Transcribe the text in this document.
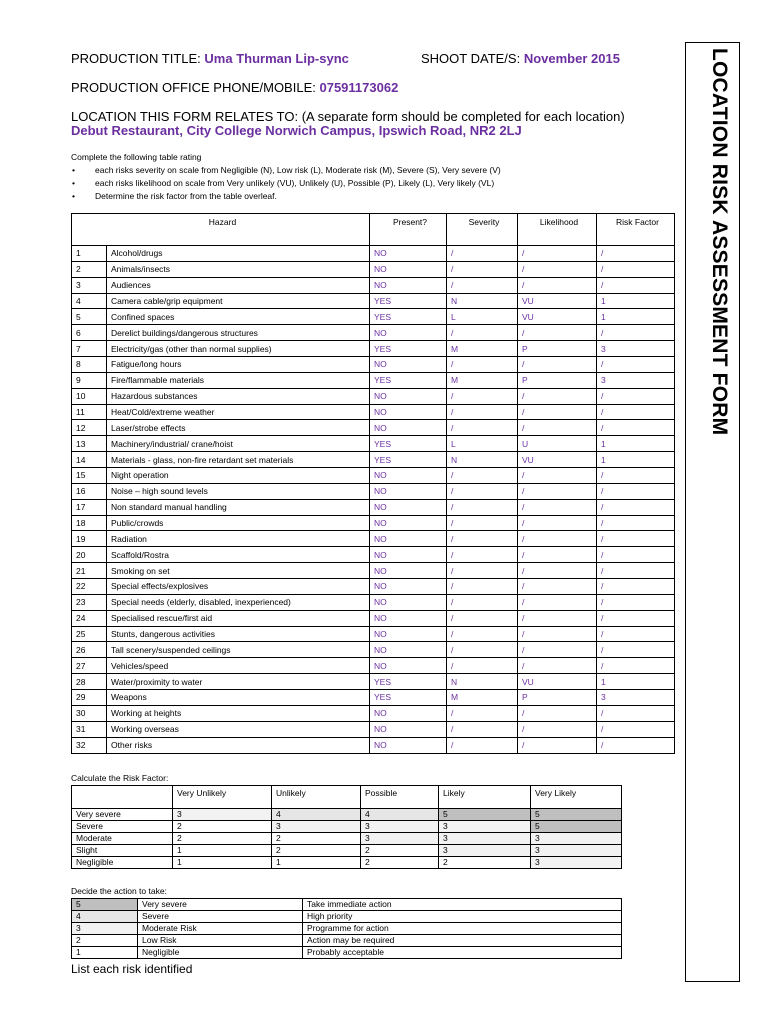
PRODUCTION TITLE: Uma Thurman Lip-sync	SHOOT DATE/S: November 2015
PRODUCTION OFFICE PHONE/MOBILE: 07591173062
LOCATION THIS FORM RELATES TO: (A separate form should be completed for each location)
Debut Restaurant, City College Norwich Campus, Ipswich Road, NR2 2LJ	LOCATION RISK ASSESSMENT FORM
Complete the following table rating
• each risks severity on scale from Negligible (N), Low risk (L), Moderate risk (M), Severe (S), Very severe (V)
• each risks likelihood on scale from Very unlikely (VU), Unlikely (U), Possible (P), Likely (L), Very likely (VL)
• Determine the risk factor from the table overleaf.
Hazard		Present?	Severity	Likelihood	Risk Factor
1	Alcohol/drugs	NO	/	/	/
2	Animals/insects	NO	/	/	/
3	Audiences	NO	/	/	/
4	Camera cable/grip equipment	YES	N	VU	1
5	Confined spaces	YES	L	VU	1
6	Derelict buildings/dangerous structures	NO	/	/	/
7	Electricity/gas (other than normal supplies)	YES	M	P	3
8	Fatigue/long hours	NO	/	/	/
9	Fire/flammable materials	YES	M	P	3
10	Hazardous substances	NO	/	/	/
11	Heat/Cold/extreme weather	NO	/	/	/
12	Laser/strobe effects	NO	/	/	/
13	Machinery/industrial/ crane/hoist	YES	L	U	1
14	Materials - glass, non-fire retardant set materials	YES	N	VU	1
15	Night operation	NO	/	/	/
16	Noise – high sound levels	NO	/	/	/
17	Non standard manual handling	NO	/	/	/
18	Public/crowds	NO	/	/	/
19	Radiation	NO	/	/	/
20	Scaffold/Rostra	NO	/	/	/
21	Smoking on set	NO	/	/	/
22	Special effects/explosives	NO	/	/	/
23	Special needs (elderly, disabled, inexperienced)	NO	/	/	/
24	Specialised rescue/first aid	NO	/	/	/
25	Stunts, dangerous activities	NO	/	/	/
26	Tall scenery/suspended ceilings	NO	/	/	/
27	Vehicles/speed	NO	/	/	/
28	Water/proximity to water	YES	N	VU	1
29	Weapons	YES	M	P	3
30	Working at heights	NO	/	/	/
31	Working overseas	NO	/	/	/
32	Other risks	NO	/	/	/
Calculate the Risk Factor:
	Very Unlikely	Unlikely	Possible	Likely	Very Likely
Very severe	3	4	4	5	5
Severe	2	3	3	3	5
Moderate	2	2	3	3	3
Slight	1	2	2	3	3
Negligible	1	1	2	2	3
Decide the action to take:
5	Very severe	Take immediate action
4	Severe	High priority
3	Moderate Risk	Programme for action
2	Low Risk	Action may be required
1	Negligible	Probably acceptable
List each risk identified
